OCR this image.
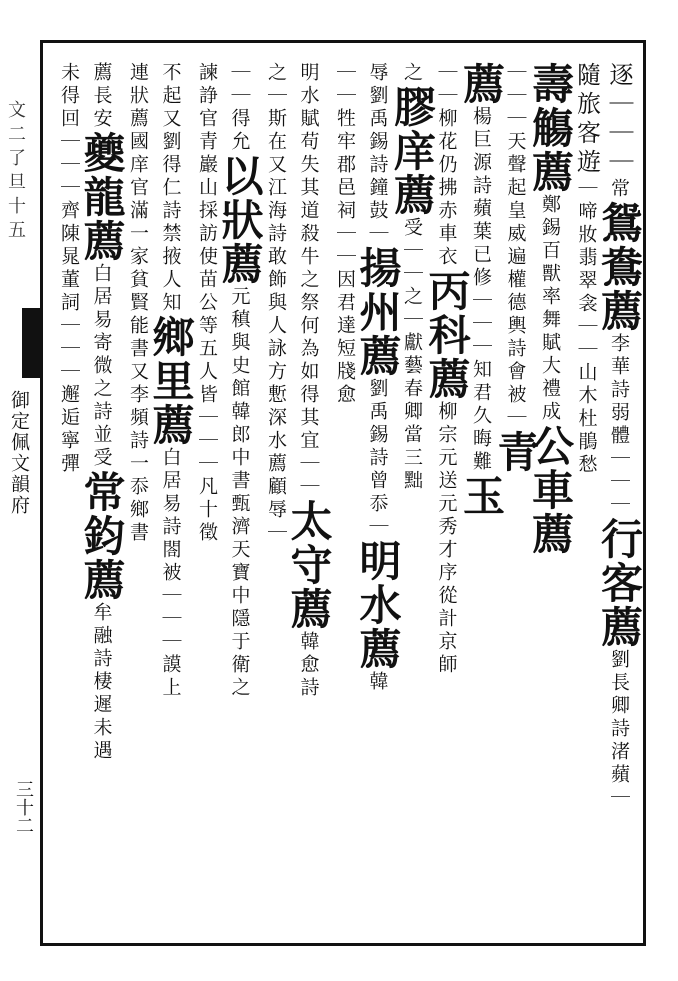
文二了旦十五
御定佩文韻府
三十二
逐｜｜｜常鴛鴦薦李華詩弱體｜｜｜行客薦劉長卿詩渚蘋｜
隨旅客遊｜啼妝翡翠衾｜｜山木杜鵑愁
壽觴薦鄭錫百獸率舞賦大禮成公車薦
｜｜｜天聲起皇威遍權德輿詩會被｜青
薦楊巨源詩蘋葉已修｜｜｜知君久晦難玉
｜｜柳花仍拂赤車衣丙科薦柳宗元送元秀才序從計京師
之膠庠薦受｜｜之｜獻藝春卿當三黜
辱劉禹錫詩鐘鼓｜揚州薦劉禹錫詩曾忝｜明水薦韓
｜｜牲牢郡邑祠｜｜因君達短牋愈
明水賦苟失其道殺牛之祭何為如得其宜｜｜太守薦韓愈詩
之｜斯在又江海詩敢飾與人詠方慙深水薦顧辱｜
｜｜得允以狀薦元稹與史館韓郎中書甄濟天寶中隱于衛之
諫諍官青巖山採訪使苗公等五人皆｜｜｜凡十徵
不起又劉得仁詩禁掖人知鄉里薦白居易詩閤被｜｜｜謨上
連狀薦國庠官滿一家貧賢能書又李頻詩一忝鄉書
薦長安夔龍薦白居易寄微之詩並受常鈞薦牟融詩棲遲未遇
未得回｜｜｜齊陳晁董詞｜｜｜邂逅寧彈
